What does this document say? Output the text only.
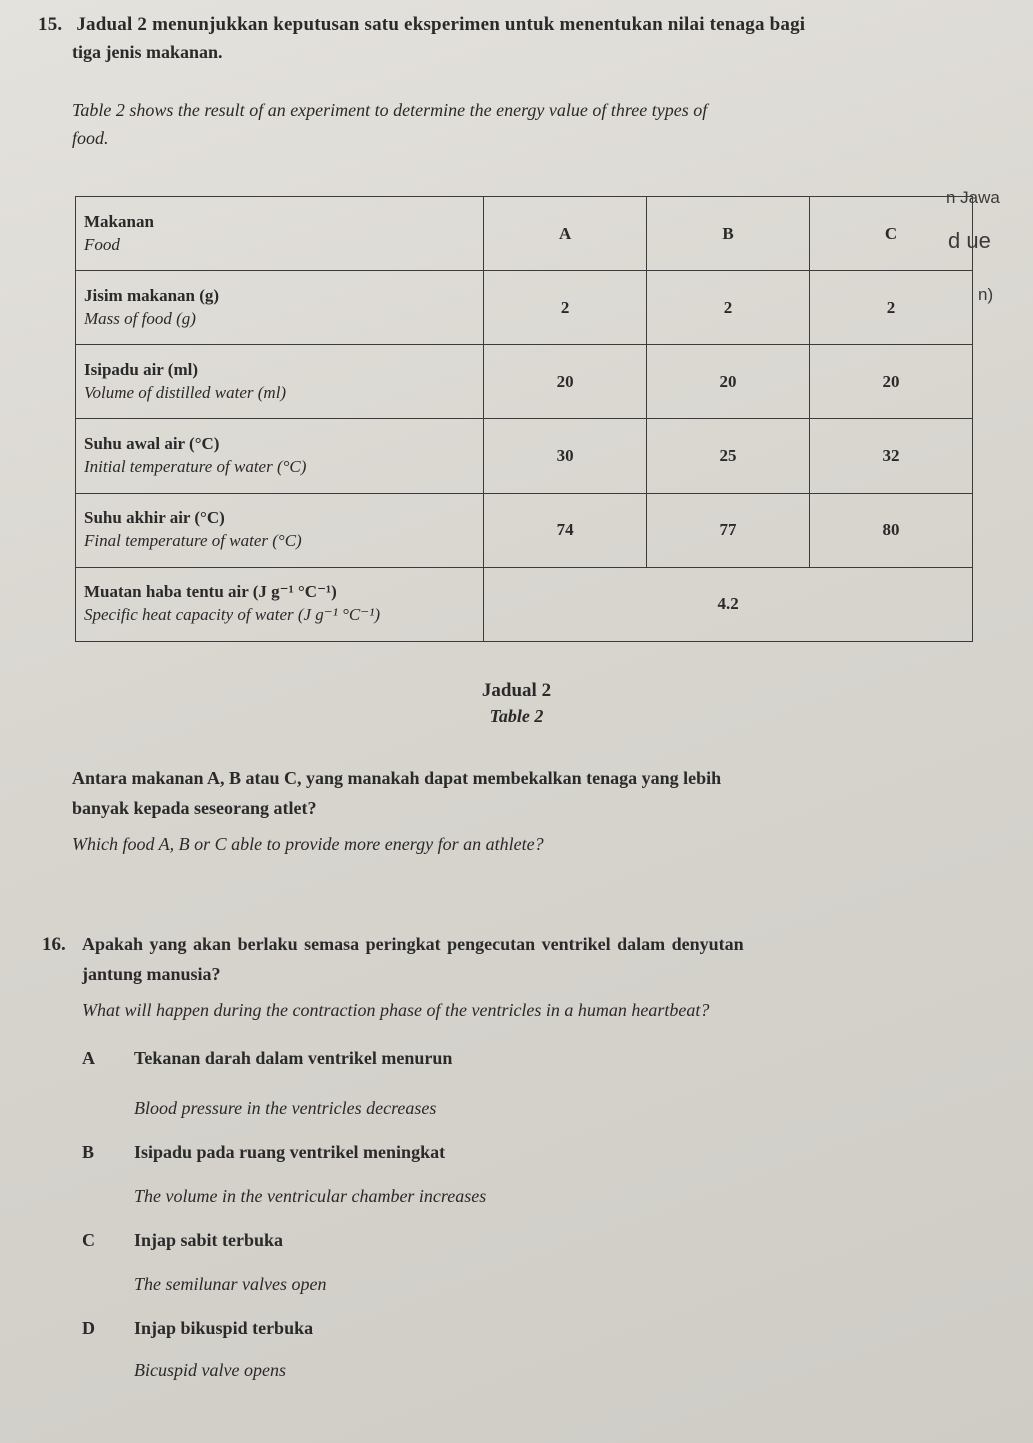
15. Jadual 2 menunjukkan keputusan satu eksperimen untuk menentukan nilai tenaga bagi
tiga jenis makanan.
Table 2 shows the result of an experiment to determine the energy value of three types of
food.
n Jawa
d ue
n)
Makanan
Food	A	B	C

Jisim makanan (g)
Mass of food (g)	2	2	2

Isipadu air (ml)
Volume of distilled water (ml)	20	20	20

Suhu awal air (°C)
Initial temperature of water (°C)	30	25	32

Suhu akhir air (°C)
Final temperature of water (°C)	74	77	80

Muatan haba tentu air (J g⁻¹ °C⁻¹)
Specific heat capacity of water (J g⁻¹ °C⁻¹)	4.2		
Jadual 2
Table 2
Antara makanan A, B atau C, yang manakah dapat membekalkan tenaga yang lebih
banyak kepada seseorang atlet?
Which food A, B or C able to provide more energy for an athlete?
16. Apakah yang akan berlaku semasa peringkat pengecutan ventrikel dalam denyutan
jantung manusia?
What will happen during the contraction phase of the ventricles in a human heartbeat?
A Tekanan darah dalam ventrikel menurun
Blood pressure in the ventricles decreases
B Isipadu pada ruang ventrikel meningkat
The volume in the ventricular chamber increases
C Injap sabit terbuka
The semilunar valves open
D Injap bikuspid terbuka
Bicuspid valve opens
